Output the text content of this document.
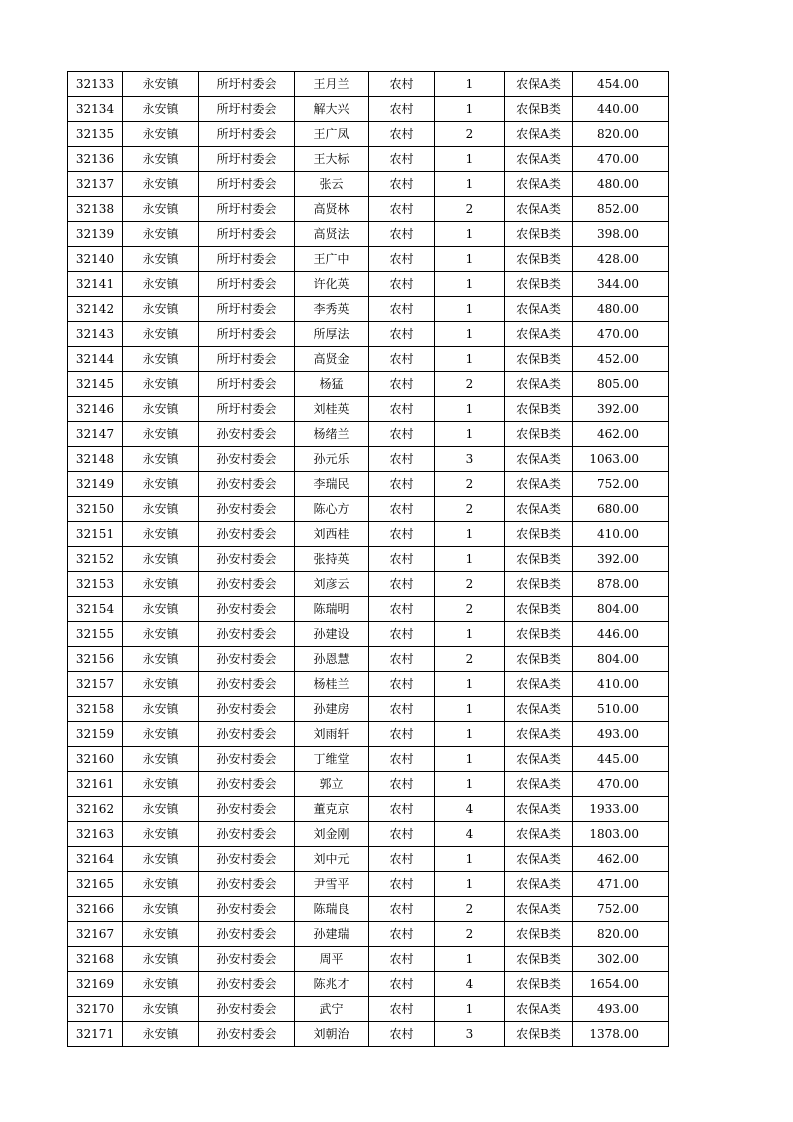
32133	永安镇	所圩村委会	王月兰	农村	1	农保A类	454.00
32134	永安镇	所圩村委会	解大兴	农村	1	农保B类	440.00
32135	永安镇	所圩村委会	王广凤	农村	2	农保A类	820.00
32136	永安镇	所圩村委会	王大标	农村	1	农保A类	470.00
32137	永安镇	所圩村委会	张云	农村	1	农保A类	480.00
32138	永安镇	所圩村委会	高贤林	农村	2	农保A类	852.00
32139	永安镇	所圩村委会	高贤法	农村	1	农保B类	398.00
32140	永安镇	所圩村委会	王广中	农村	1	农保B类	428.00
32141	永安镇	所圩村委会	许化英	农村	1	农保B类	344.00
32142	永安镇	所圩村委会	李秀英	农村	1	农保A类	480.00
32143	永安镇	所圩村委会	所厚法	农村	1	农保A类	470.00
32144	永安镇	所圩村委会	高贤金	农村	1	农保B类	452.00
32145	永安镇	所圩村委会	杨猛	农村	2	农保A类	805.00
32146	永安镇	所圩村委会	刘桂英	农村	1	农保B类	392.00
32147	永安镇	孙安村委会	杨绪兰	农村	1	农保B类	462.00
32148	永安镇	孙安村委会	孙元乐	农村	3	农保A类	1063.00
32149	永安镇	孙安村委会	李瑞民	农村	2	农保A类	752.00
32150	永安镇	孙安村委会	陈心方	农村	2	农保A类	680.00
32151	永安镇	孙安村委会	刘西桂	农村	1	农保B类	410.00
32152	永安镇	孙安村委会	张持英	农村	1	农保B类	392.00
32153	永安镇	孙安村委会	刘彦云	农村	2	农保B类	878.00
32154	永安镇	孙安村委会	陈瑞明	农村	2	农保B类	804.00
32155	永安镇	孙安村委会	孙建设	农村	1	农保B类	446.00
32156	永安镇	孙安村委会	孙恩慧	农村	2	农保B类	804.00
32157	永安镇	孙安村委会	杨桂兰	农村	1	农保A类	410.00
32158	永安镇	孙安村委会	孙建房	农村	1	农保A类	510.00
32159	永安镇	孙安村委会	刘雨轩	农村	1	农保A类	493.00
32160	永安镇	孙安村委会	丁维堂	农村	1	农保A类	445.00
32161	永安镇	孙安村委会	郭立	农村	1	农保A类	470.00
32162	永安镇	孙安村委会	董克京	农村	4	农保A类	1933.00
32163	永安镇	孙安村委会	刘金刚	农村	4	农保A类	1803.00
32164	永安镇	孙安村委会	刘中元	农村	1	农保A类	462.00
32165	永安镇	孙安村委会	尹雪平	农村	1	农保A类	471.00
32166	永安镇	孙安村委会	陈瑞良	农村	2	农保A类	752.00
32167	永安镇	孙安村委会	孙建瑞	农村	2	农保B类	820.00
32168	永安镇	孙安村委会	周平	农村	1	农保B类	302.00
32169	永安镇	孙安村委会	陈兆才	农村	4	农保B类	1654.00
32170	永安镇	孙安村委会	武宁	农村	1	农保A类	493.00
32171	永安镇	孙安村委会	刘朝治	农村	3	农保B类	1378.00
